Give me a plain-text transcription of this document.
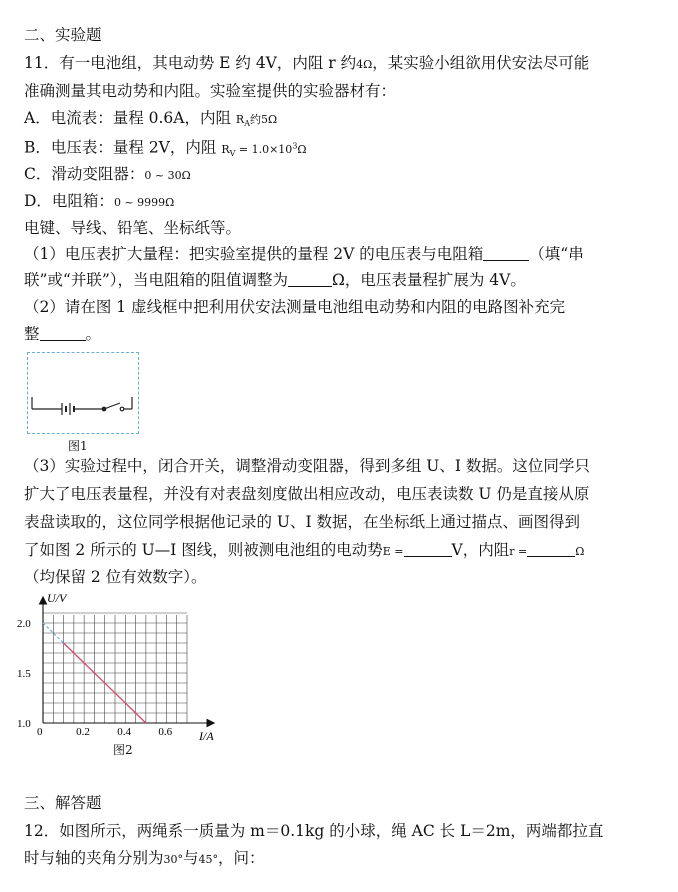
二、实验题
11．有一电池组，其电动势 E 约 4V，内阻 r 约4Ω，某实验小组欲用伏安法尽可能
准确测量其电动势和内阻。实验室提供的实验器材有：
A．电流表：量程 0.6A，内阻 $R_A$约5Ω
B．电压表：量程 2V，内阻 $R_V = 1.0\times 10^3\Omega$
C．滑动变阻器：0 ~ 30Ω
D．电阻箱：0 ~ 9999Ω
电键、导线、铅笔、坐标纸等。
（1）电压表扩大量程：把实验室提供的量程 2V 的电压表与电阻箱	（填“串
联”或“并联”），当电阻箱的阻值调整为	Ω，电压表量程扩展为 4V。
（2）请在图 1 虚线框中把利用伏安法测量电池组电动势和内阻的电路图补充完
整	。
图1
（3）实验过程中，闭合开关，调整滑动变阻器，得到多组 U、I 数据。这位同学只
扩大了电压表量程，并没有对表盘刻度做出相应改动，电压表读数 U 仍是直接从原
表盘读取的，这位同学根据他记录的 U、I 数据，在坐标纸上通过描点、画图得到
了如图 2 所示的 U—I 图线，则被测电池组的电动势E =	V，内阻r =	Ω
（均保留 2 位有效数字）。
U/V
I/A
1.0
1.5
2.0
0	0.2 0.4 0.6
图2
三、解答题
12．如图所示，两绳系一质量为 m＝0.1kg 的小球，绳 AC 长 L＝2m，两端都拉直
时与轴的夹角分别为30°与45°，问：
